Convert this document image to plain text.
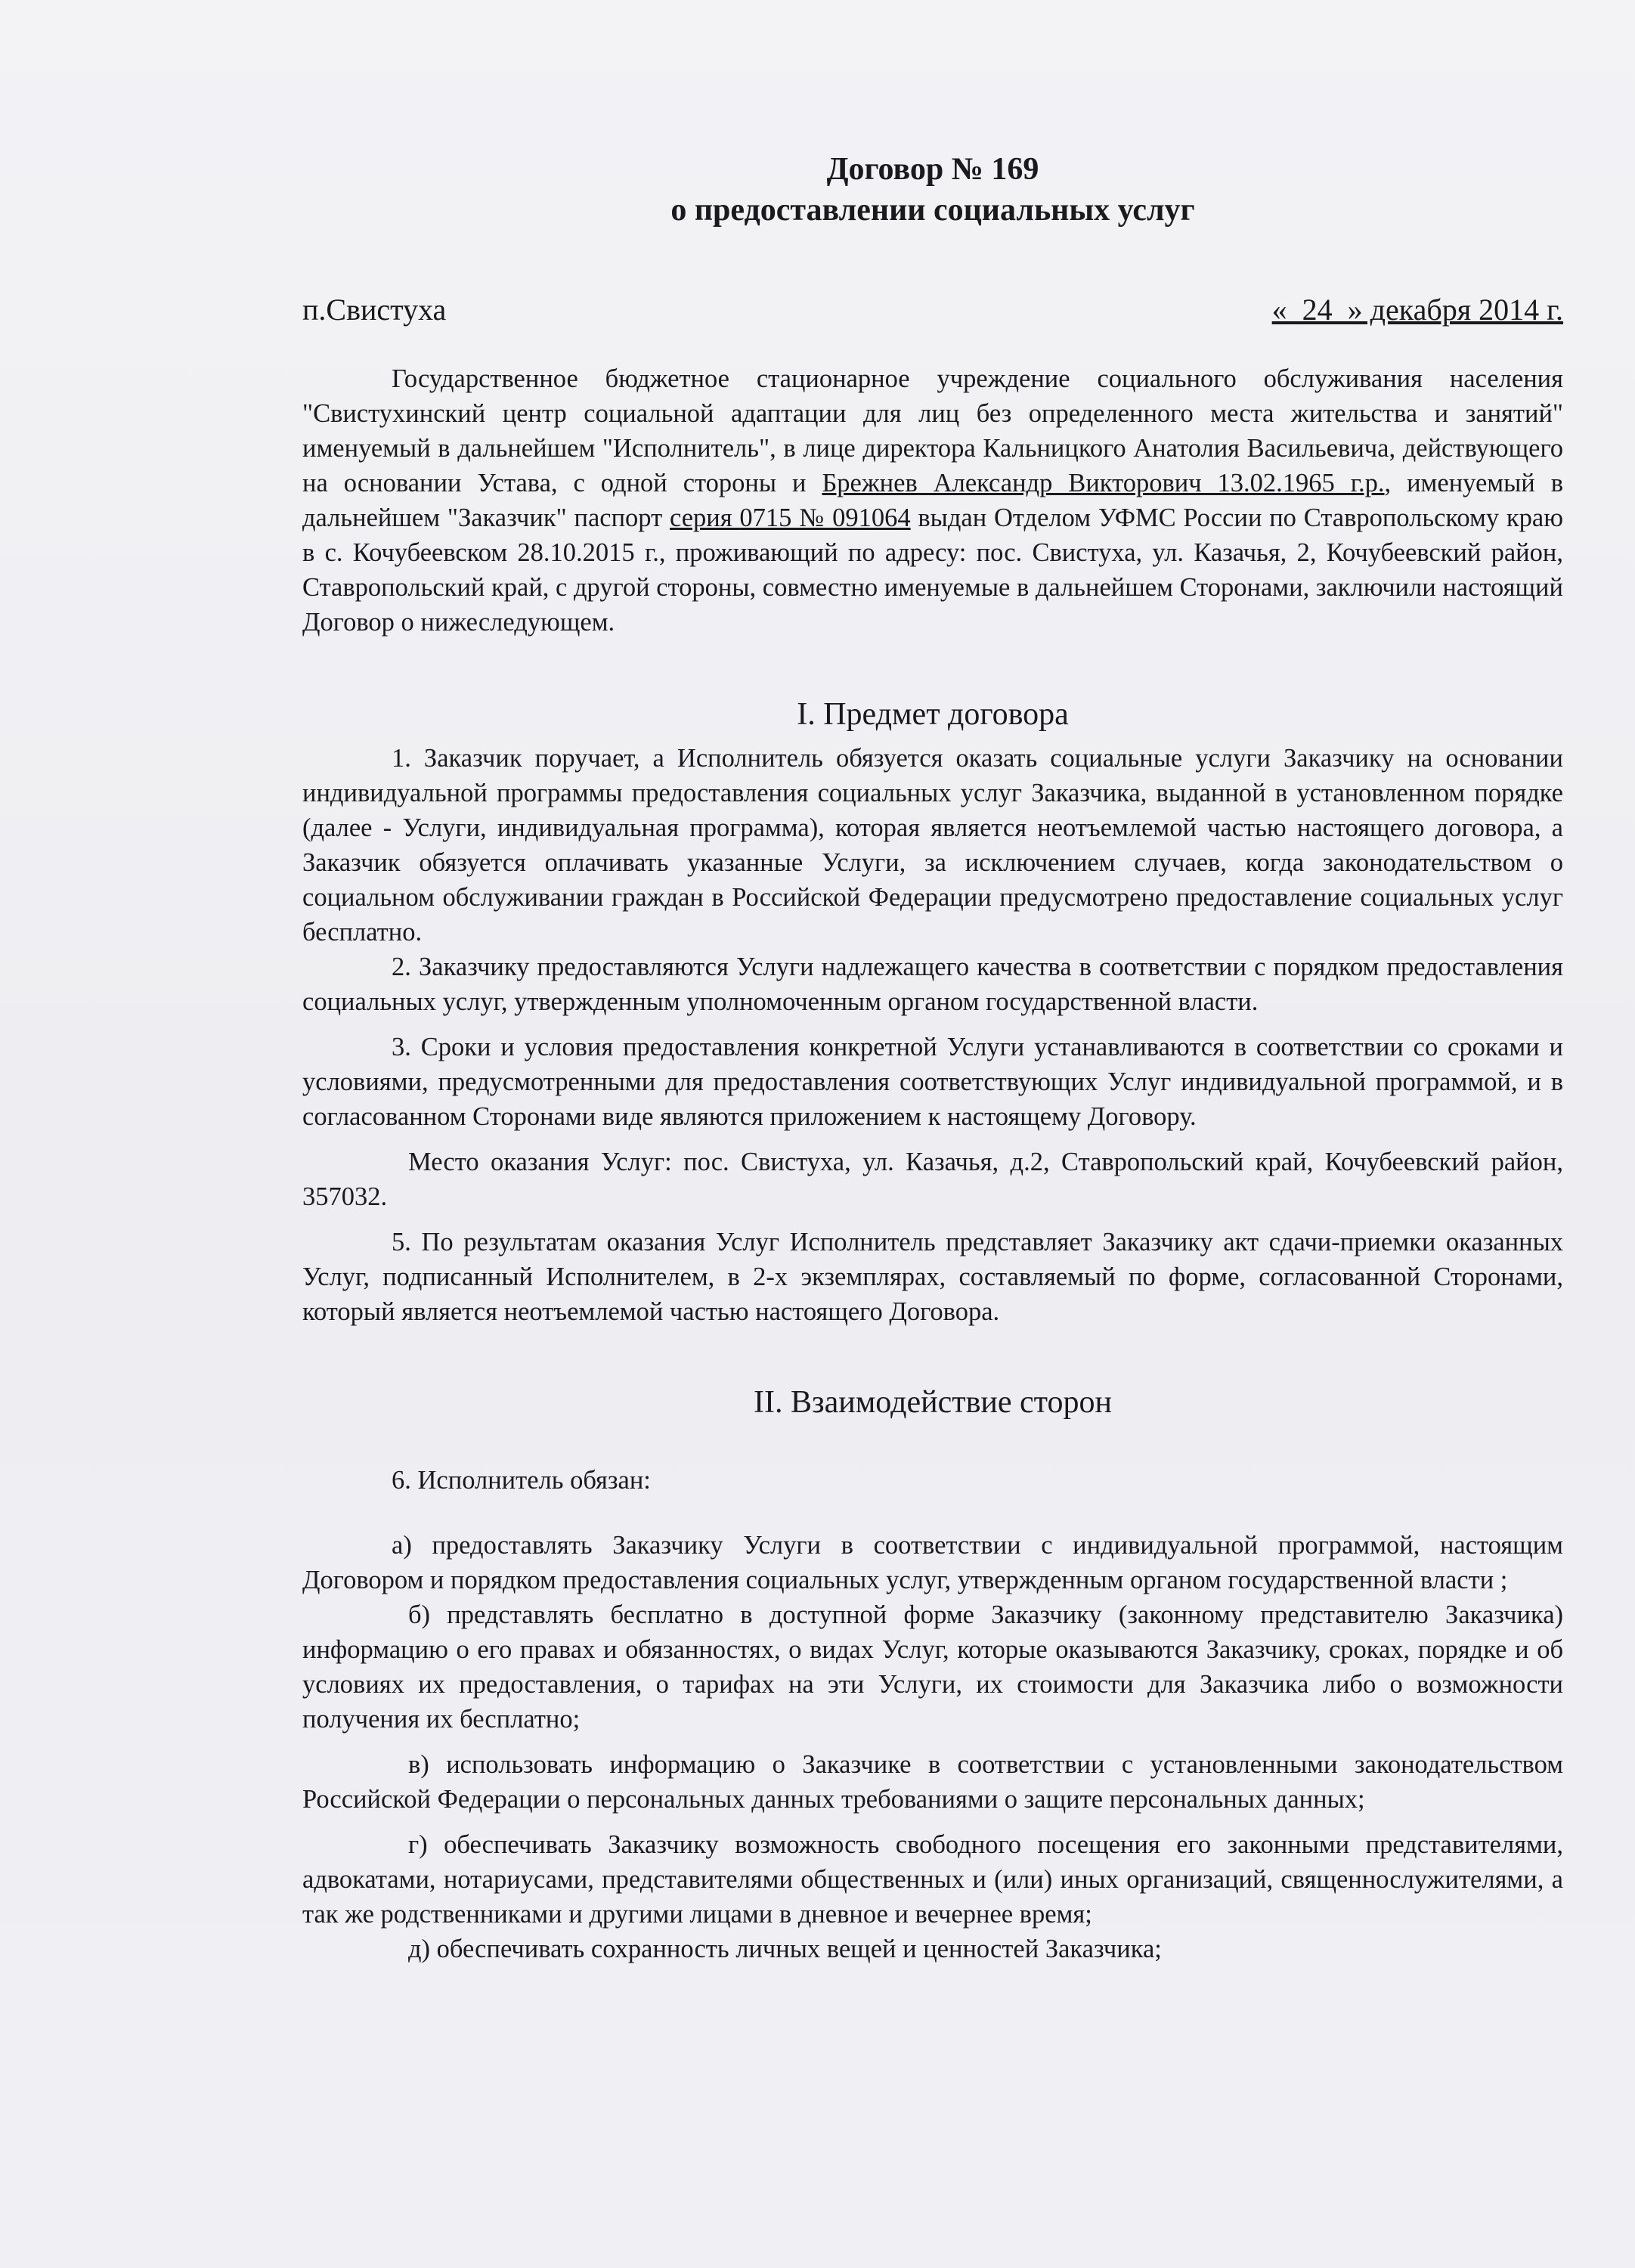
Договор № 169
о предоставлении социальных услуг
п.Свистуха	«  24  » декабря 2014 г.

Государственное бюджетное стационарное учреждение социального обслуживания населения "Свистухинский центр социальной адаптации для лиц без определенного места жительства и занятий" именуемый в дальнейшем "Исполнитель", в лице директора Кальницкого Анатолия Васильевича, действующего на основании Устава, с одной стороны и Брежнев Александр Викторович 13.02.1965 г.р., именуемый в дальнейшем "Заказчик" паспорт серия 0715 № 091064 выдан Отделом УФМС России по Ставропольскому краю в с. Кочубеевском 28.10.2015 г., проживающий по адресу: пос. Свистуха, ул. Казачья, 2, Кочубеевский район, Ставропольский край, с другой стороны, совместно именуемые в дальнейшем Сторонами, заключили настоящий Договор о нижеследующем.

I. Предмет договора

1. Заказчик поручает, а Исполнитель обязуется оказать социальные услуги Заказчику на основании индивидуальной программы предоставления социальных услуг Заказчика, выданной в установленном порядке (далее - Услуги, индивидуальная программа), которая является неотъемлемой частью настоящего договора, а Заказчик обязуется оплачивать указанные Услуги, за исключением случаев, когда законодательством о социальном обслуживании граждан в Российской Федерации предусмотрено предоставление социальных услуг бесплатно.

2. Заказчику предоставляются Услуги надлежащего качества в соответствии с порядком предоставления социальных услуг, утвержденным уполномоченным органом государственной власти.

3. Сроки и условия предоставления конкретной Услуги устанавливаются в соответствии со сроками и условиями, предусмотренными для предоставления соответствующих Услуг индивидуальной программой, и в согласованном Сторонами виде являются приложением к настоящему Договору.

Место оказания Услуг: пос. Свистуха, ул. Казачья, д.2, Ставропольский край, Кочубеевский район, 357032.

5. По результатам оказания Услуг Исполнитель представляет Заказчику акт сдачи-приемки оказанных Услуг, подписанный Исполнителем, в 2-х экземплярах, составляемый по форме, согласованной Сторонами, который является неотъемлемой частью настоящего Договора.

II. Взаимодействие сторон

6. Исполнитель обязан:

а) предоставлять Заказчику Услуги в соответствии с индивидуальной программой, настоящим Договором и порядком предоставления социальных услуг, утвержденным органом государственной власти ;

б) представлять бесплатно в доступной форме Заказчику (законному представителю Заказчика) информацию о его правах и обязанностях, о видах Услуг, которые оказываются Заказчику, сроках, порядке и об условиях их предоставления, о тарифах на эти Услуги, их стоимости для Заказчика либо о возможности получения их бесплатно;

в) использовать информацию о Заказчике в соответствии с установленными законодательством Российской Федерации о персональных данных требованиями о защите персональных данных;

г) обеспечивать Заказчику возможность свободного посещения его законными представителями, адвокатами, нотариусами, представителями общественных и (или) иных организаций, священнослужителями, а так же родственниками и другими лицами в дневное и вечернее время;

д) обеспечивать сохранность личных вещей и ценностей Заказчика;
